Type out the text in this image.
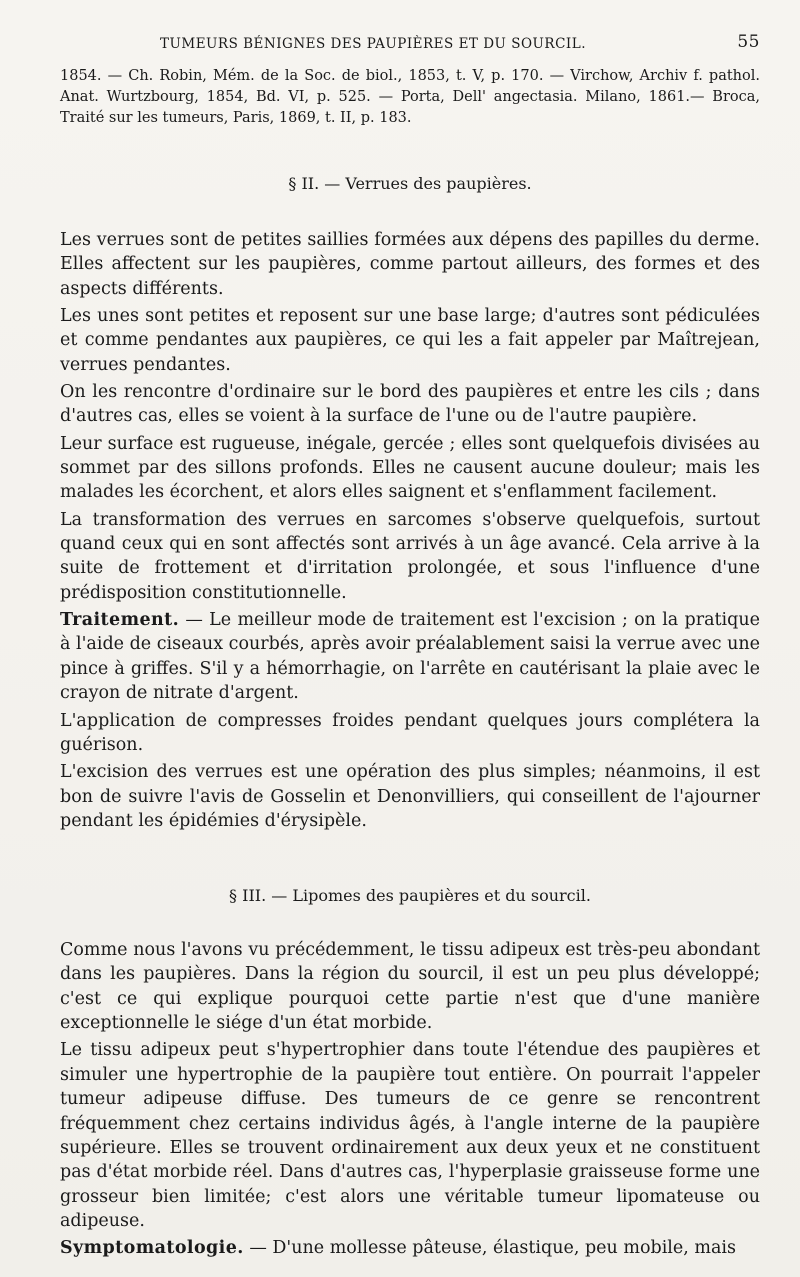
TUMEURS BÉNIGNES DES PAUPIÈRES ET DU SOURCIL.	55

1854. — Ch. Robin, Mém. de la Soc. de biol., 1853, t. V, p. 170. — Virchow, Archiv f. pathol. Anat. Wurtzbourg, 1854, Bd. VI, p. 525. — Porta, Dell' angectasia. Milano, 1861.— Broca, Traité sur les tumeurs, Paris, 1869, t. II, p. 183.

§ II. — Verrues des paupières.

Les verrues sont de petites saillies formées aux dépens des papilles du derme. Elles affectent sur les paupières, comme partout ailleurs, des formes et des aspects différents.

Les unes sont petites et reposent sur une base large; d'autres sont pédiculées et comme pendantes aux paupières, ce qui les a fait appeler par Maîtrejean, verrues pendantes.

On les rencontre d'ordinaire sur le bord des paupières et entre les cils ; dans d'autres cas, elles se voient à la surface de l'une ou de l'autre paupière.

Leur surface est rugueuse, inégale, gercée ; elles sont quelquefois divisées au sommet par des sillons profonds. Elles ne causent aucune douleur; mais les malades les écorchent, et alors elles saignent et s'enflamment facilement.

La transformation des verrues en sarcomes s'observe quelquefois, surtout quand ceux qui en sont affectés sont arrivés à un âge avancé. Cela arrive à la suite de frottement et d'irritation prolongée, et sous l'influence d'une prédisposition constitutionnelle.

Traitement. — Le meilleur mode de traitement est l'excision ; on la pratique à l'aide de ciseaux courbés, après avoir préalablement saisi la verrue avec une pince à griffes. S'il y a hémorrhagie, on l'arrête en cautérisant la plaie avec le crayon de nitrate d'argent.

L'application de compresses froides pendant quelques jours complétera la guérison.

L'excision des verrues est une opération des plus simples; néanmoins, il est bon de suivre l'avis de Gosselin et Denonvilliers, qui conseillent de l'ajourner pendant les épidémies d'érysipèle.

§ III. — Lipomes des paupières et du sourcil.

Comme nous l'avons vu précédemment, le tissu adipeux est très-peu abondant dans les paupières. Dans la région du sourcil, il est un peu plus développé; c'est ce qui explique pourquoi cette partie n'est que d'une manière exceptionnelle le siége d'un état morbide.

Le tissu adipeux peut s'hypertrophier dans toute l'étendue des paupières et simuler une hypertrophie de la paupière tout entière. On pourrait l'appeler tumeur adipeuse diffuse. Des tumeurs de ce genre se rencontrent fréquemment chez certains individus âgés, à l'angle interne de la paupière supérieure. Elles se trouvent ordinairement aux deux yeux et ne constituent pas d'état morbide réel. Dans d'autres cas, l'hyperplasie graisseuse forme une grosseur bien limitée; c'est alors une véritable tumeur lipomateuse ou adipeuse.

Symptomatologie. — D'une mollesse pâteuse, élastique, peu mobile, mais
